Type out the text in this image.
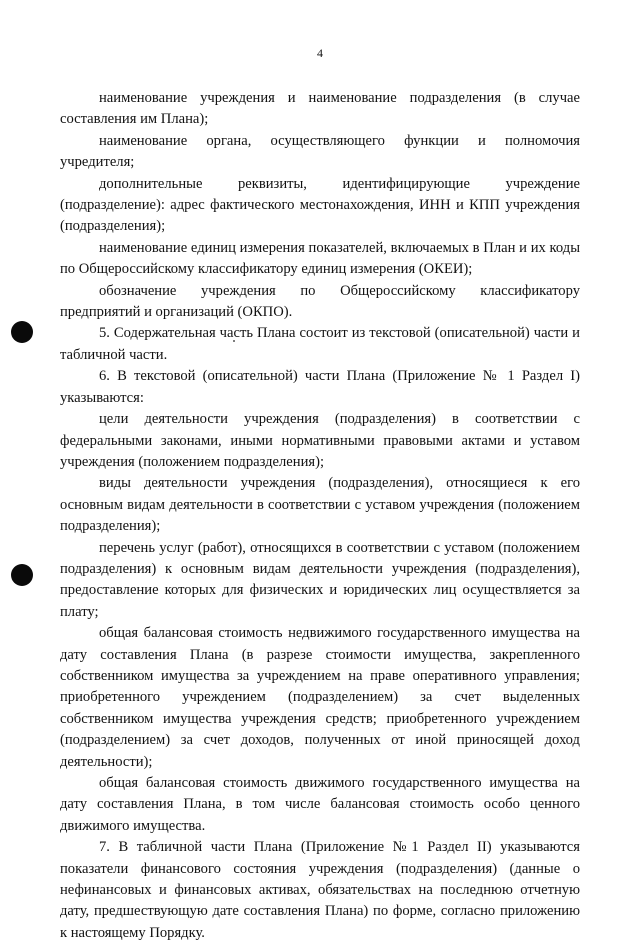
4

наименование учреждения и наименование подразделения (в случае составления им Плана);

наименование органа, осуществляющего функции и полномочия учредителя;

дополнительные реквизиты, идентифицирующие учреждение (подразделение): адрес фактического местонахождения, ИНН и КПП учреждения (подразделения);

наименование единиц измерения показателей, включаемых в План и их коды по Общероссийскому классификатору единиц измерения (ОКЕИ);

обозначение учреждения по Общероссийскому классификатору предприятий и организаций (ОКПО).

5. Содержательная часть Плана состоит из текстовой (описательной) части и табличной части.

6. В текстовой (описательной) части Плана (Приложение № 1 Раздел I) указываются:

цели деятельности учреждения (подразделения) в соответствии с федеральными законами, иными нормативными правовыми актами и уставом учреждения (положением подразделения);

виды деятельности учреждения (подразделения), относящиеся к его основным видам деятельности в соответствии с уставом учреждения (положением подразделения);

перечень услуг (работ), относящихся в соответствии с уставом (положением подразделения) к основным видам деятельности учреждения (подразделения), предоставление которых для физических и юридических лиц осуществляется за плату;

общая балансовая стоимость недвижимого государственного имущества на дату составления Плана (в разрезе стоимости имущества, закрепленного собственником имущества за учреждением на праве оперативного управления; приобретенного учреждением (подразделением) за счет выделенных собственником имущества учреждения средств; приобретенного учреждением (подразделением) за счет доходов, полученных от иной приносящей доход деятельности);

общая балансовая стоимость движимого государственного имущества на дату составления Плана, в том числе балансовая стоимость особо ценного движимого имущества.

7. В табличной части Плана (Приложение №1 Раздел II) указываются показатели финансового состояния учреждения (подразделения) (данные о нефинансовых и финансовых активах, обязательствах на последнюю отчетную дату, предшествующую дате составления Плана) по форме, согласно приложению к настоящему Порядку.
